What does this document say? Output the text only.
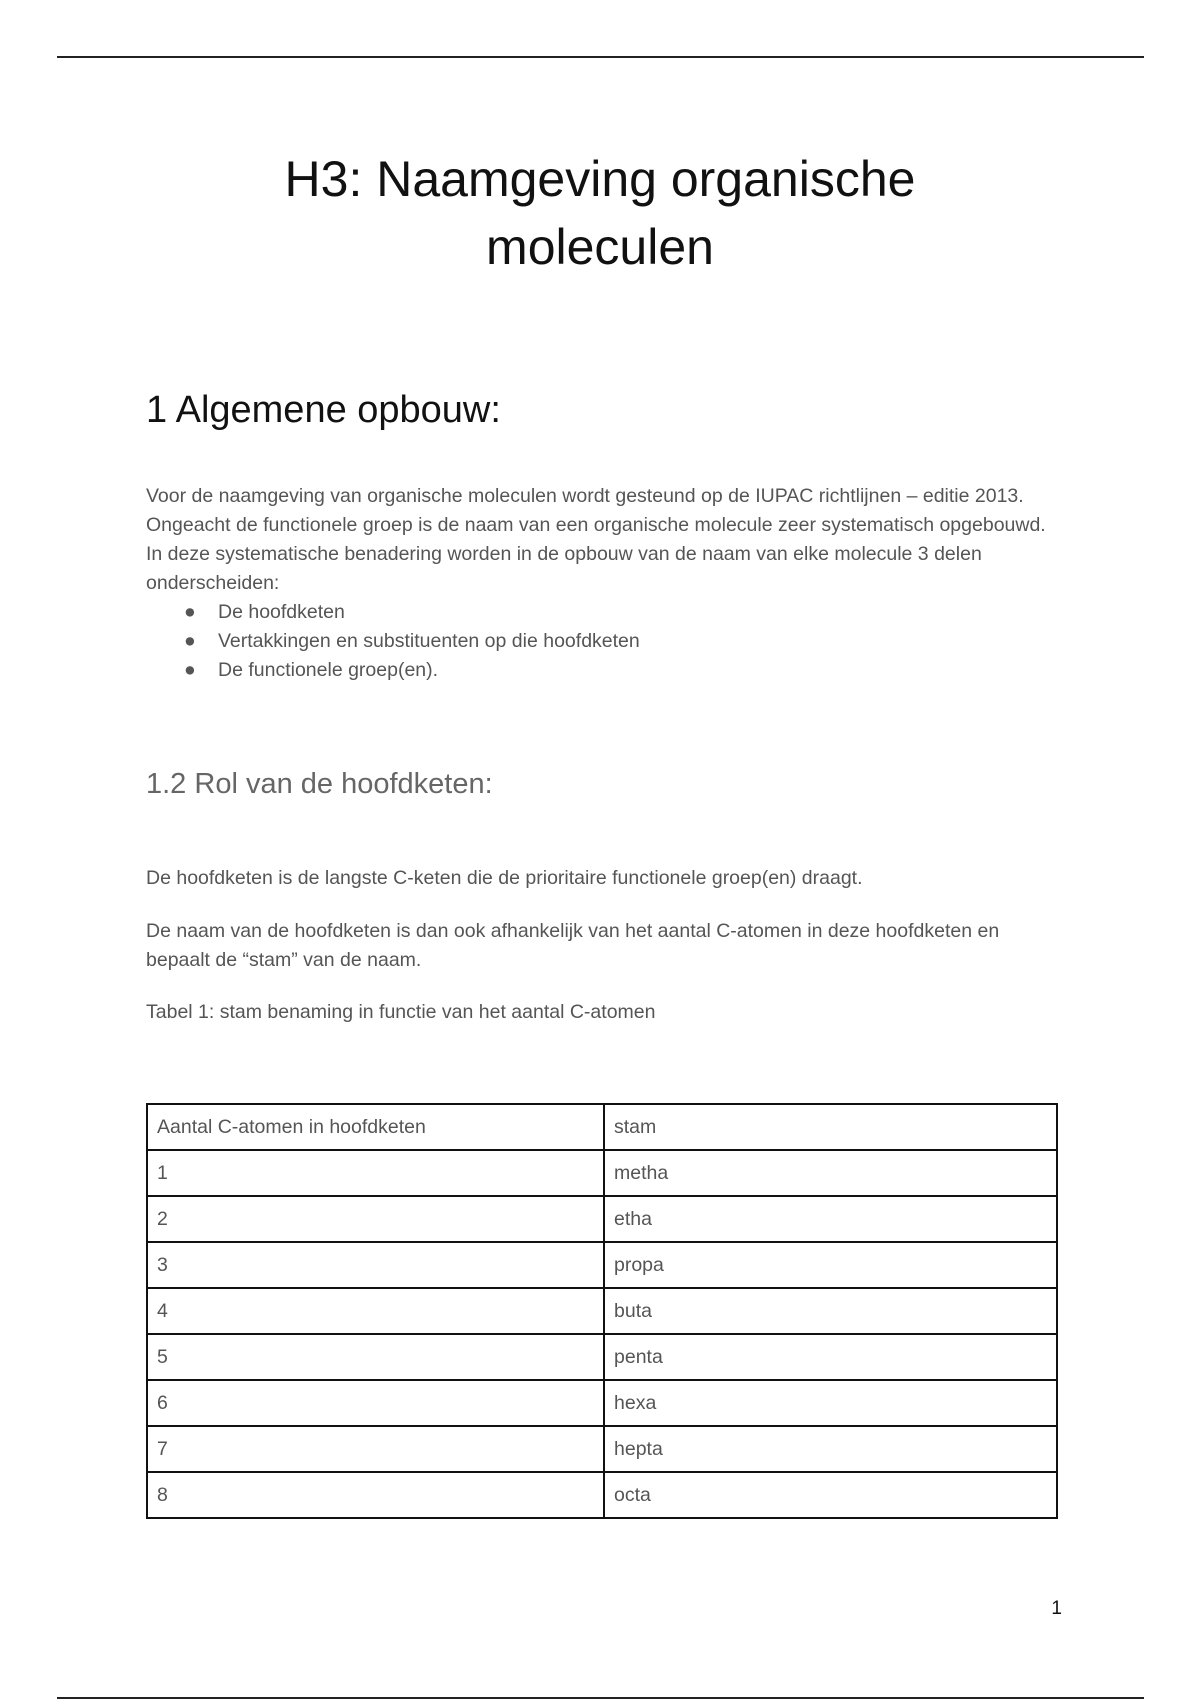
H3: Naamgeving organische
moleculen
1 Algemene opbouw:

Voor de naamgeving van organische moleculen wordt gesteund op de IUPAC richtlijnen – editie 2013.

Ongeacht de functionele groep is de naam van een organische molecule zeer systematisch opgebouwd. In deze systematische benadering worden in de opbouw van de naam van elke molecule 3 delen onderscheiden:

● De hoofdketen
● Vertakkingen en substituenten op die hoofdketen
● De functionele groep(en).
1.2 Rol van de hoofdketen:

De hoofdketen is de langste C-keten die de prioritaire functionele groep(en) draagt.

De naam van de hoofdketen is dan ook afhankelijk van het aantal C-atomen in deze hoofdketen en bepaalt de “stam” van de naam.

Tabel 1: stam benaming in functie van het aantal C-atomen

Aantal C-atomen in hoofdketen	stam
1	metha
2	etha
3	propa
4	buta
5	penta
6	hexa
7	hepta
8	octa
1
